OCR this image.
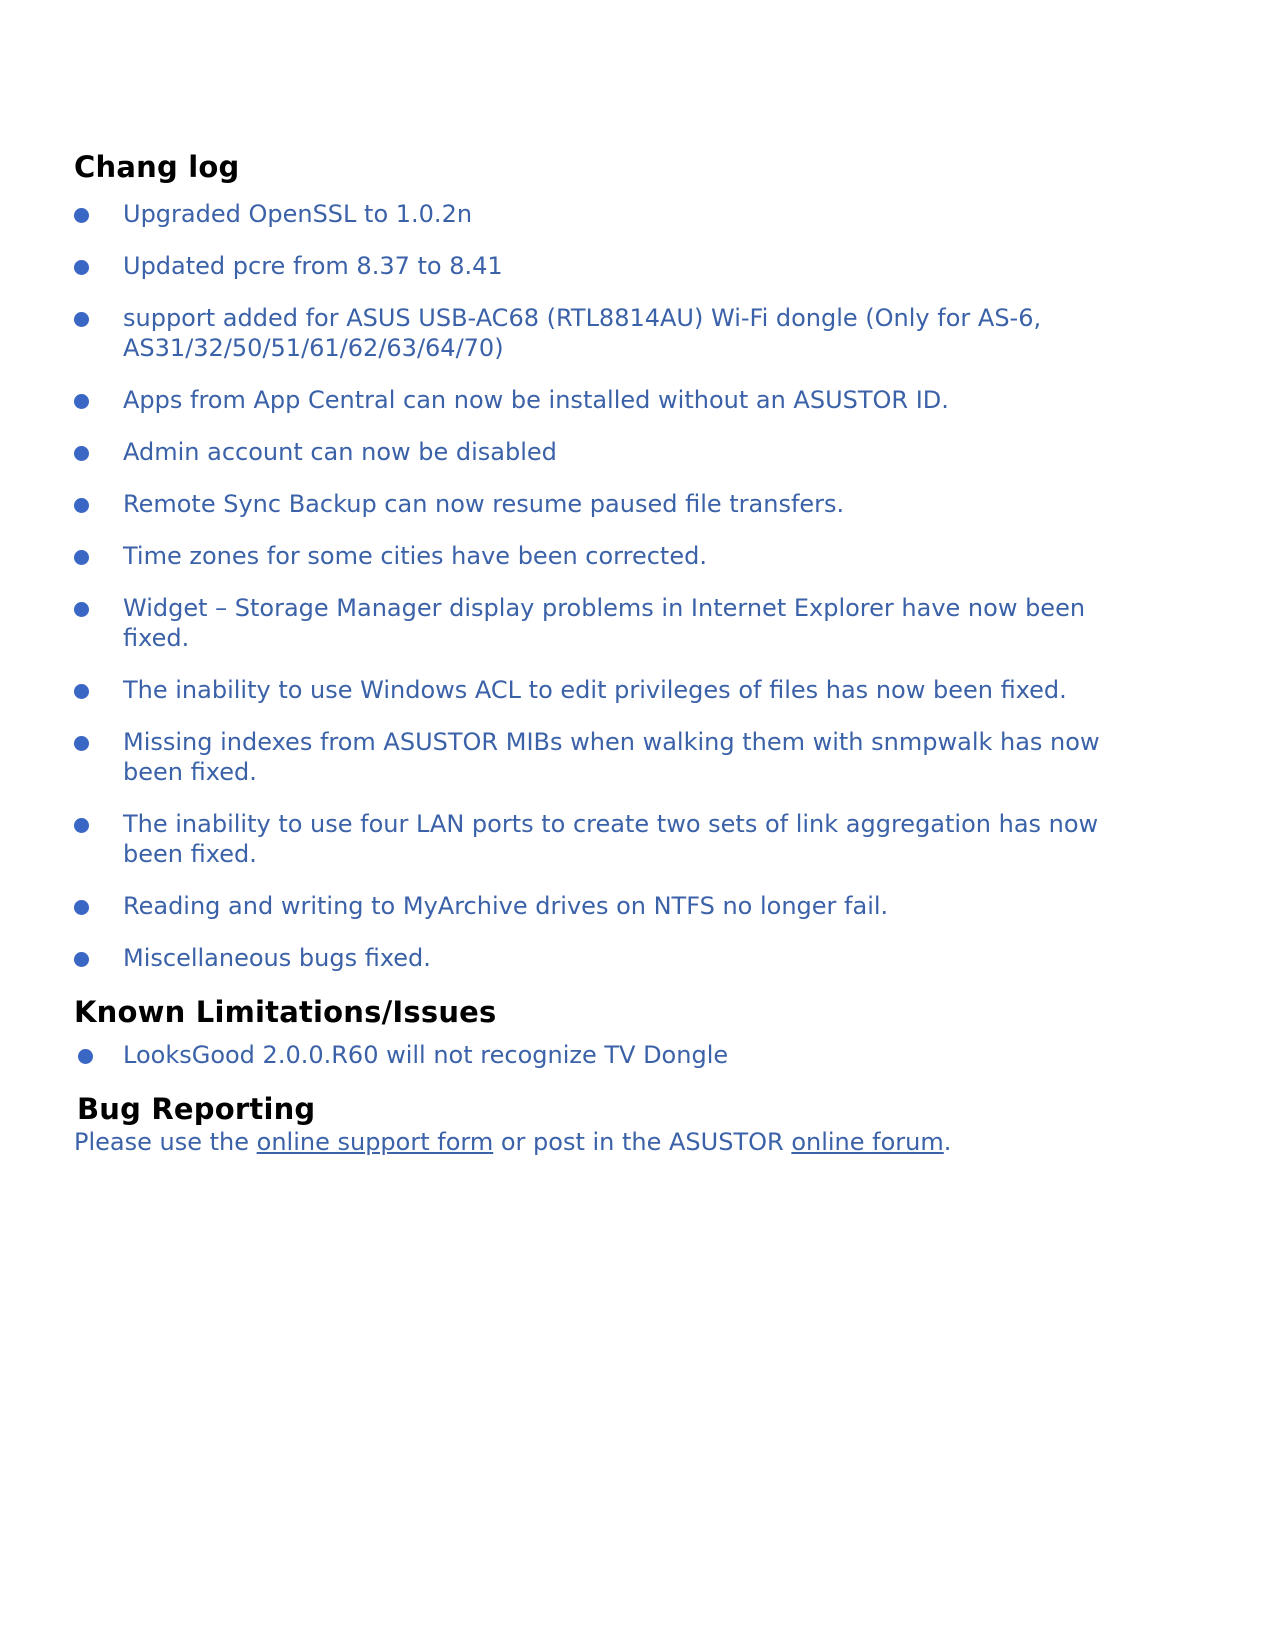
Chang log
Upgraded OpenSSL to 1.0.2n
Updated pcre from 8.37 to 8.41
support added for ASUS USB-AC68 (RTL8814AU) Wi-Fi dongle (Only for AS-6, AS31/32/50/51/61/62/63/64/70)
Apps from App Central can now be installed without an ASUSTOR ID.
Admin account can now be disabled
Remote Sync Backup can now resume paused file transfers.
Time zones for some cities have been corrected.
Widget – Storage Manager display problems in Internet Explorer have now been fixed.
The inability to use Windows ACL to edit privileges of files has now been fixed.
Missing indexes from ASUSTOR MIBs when walking them with snmpwalk has now been fixed.
The inability to use four LAN ports to create two sets of link aggregation has now been fixed.
Reading and writing to MyArchive drives on NTFS no longer fail.
Miscellaneous bugs fixed.
Known Limitations/Issues
LooksGood 2.0.0.R60 will not recognize TV Dongle
Bug Reporting
Please use the online support form or post in the ASUSTOR online forum.
